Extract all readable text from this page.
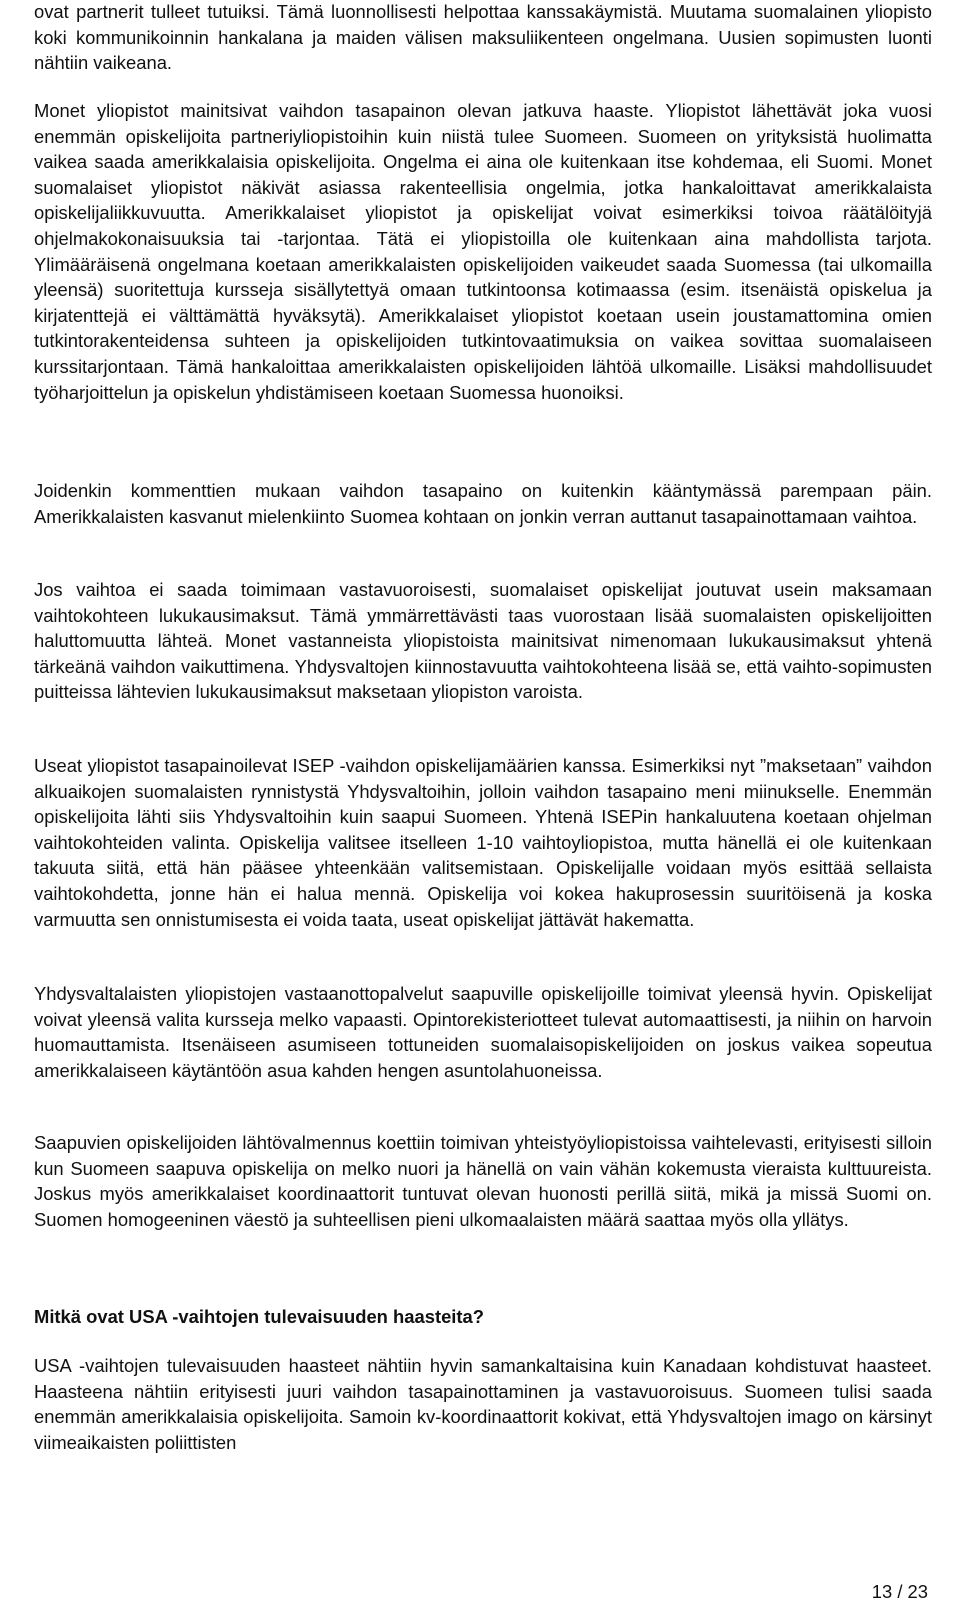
ovat partnerit tulleet tutuiksi. Tämä luonnollisesti helpottaa kanssakäymistä. Muutama suomalainen yliopisto koki kommunikoinnin hankalana ja maiden välisen maksuliikenteen ongelmana. Uusien sopimusten luonti nähtiin vaikeana.

Monet yliopistot mainitsivat vaihdon tasapainon olevan jatkuva haaste. Yliopistot lähettävät joka vuosi enemmän opiskelijoita partneriyliopistoihin kuin niistä tulee Suomeen. Suomeen on yrityksistä huolimatta vaikea saada amerikkalaisia opiskelijoita. Ongelma ei aina ole kuitenkaan itse kohdemaa, eli Suomi. Monet suomalaiset yliopistot näkivät asiassa rakenteellisia ongelmia, jotka hankaloittavat amerikkalaista opiskelijaliikkuvuutta. Amerikkalaiset yliopistot ja opiskelijat voivat esimerkiksi toivoa räätälöityjä ohjelmakokonaisuuksia tai -tarjontaa. Tätä ei yliopistoilla ole kuitenkaan aina mahdollista tarjota. Ylimääräisenä ongelmana koetaan amerikkalaisten opiskelijoiden vaikeudet saada Suomessa (tai ulkomailla yleensä) suoritettuja kursseja sisällytettyä omaan tutkintoonsa kotimaassa (esim. itsenäistä opiskelua ja kirjatenttejä ei välttämättä hyväksytä). Amerikkalaiset yliopistot koetaan usein joustamattomina omien tutkintorakenteidensa suhteen ja opiskelijoiden tutkintovaatimuksia on vaikea sovittaa suomalaiseen kurssitarjontaan. Tämä hankaloittaa amerikkalaisten opiskelijoiden lähtöä ulkomaille. Lisäksi mahdollisuudet työharjoittelun ja opiskelun yhdistämiseen koetaan Suomessa huonoiksi.

Joidenkin kommenttien mukaan vaihdon tasapaino on kuitenkin kääntymässä parempaan päin. Amerikkalaisten kasvanut mielenkiinto Suomea kohtaan on jonkin verran auttanut tasapainottamaan vaihtoa.

Jos vaihtoa ei saada toimimaan vastavuoroisesti, suomalaiset opiskelijat joutuvat usein maksamaan vaihtokohteen lukukausimaksut. Tämä ymmärrettävästi taas vuorostaan lisää suomalaisten opiskelijoitten haluttomuutta lähteä. Monet vastanneista yliopistoista mainitsivat nimenomaan lukukausimaksut yhtenä tärkeänä vaihdon vaikuttimena. Yhdysvaltojen kiinnostavuutta vaihtokohteena lisää se, että vaihto-sopimusten puitteissa lähtevien lukukausimaksut maksetaan yliopiston varoista.

Useat yliopistot tasapainoilevat ISEP -vaihdon opiskelijamäärien kanssa. Esimerkiksi nyt ”maksetaan” vaihdon alkuaikojen suomalaisten rynnistystä Yhdysvaltoihin, jolloin vaihdon tasapaino meni miinukselle. Enemmän opiskelijoita lähti siis Yhdysvaltoihin kuin saapui Suomeen. Yhtenä ISEPin hankaluutena koetaan ohjelman vaihtokohteiden valinta. Opiskelija valitsee itselleen 1-10 vaihtoyliopistoa, mutta hänellä ei ole kuitenkaan takuuta siitä, että hän pääsee yhteenkään valitsemistaan. Opiskelijalle voidaan myös esittää sellaista vaihtokohdetta, jonne hän ei halua mennä. Opiskelija voi kokea hakuprosessin suuritöisenä ja koska varmuutta sen onnistumisesta ei voida taata, useat opiskelijat jättävät hakematta.

Yhdysvaltalaisten yliopistojen vastaanottopalvelut saapuville opiskelijoille toimivat yleensä hyvin. Opiskelijat voivat yleensä valita kursseja melko vapaasti. Opintorekisteriotteet tulevat automaattisesti, ja niihin on harvoin huomauttamista. Itsenäiseen asumiseen tottuneiden suomalaisopiskelijoiden on joskus vaikea sopeutua amerikkalaiseen käytäntöön asua kahden hengen asuntolahuoneissa.

Saapuvien opiskelijoiden lähtövalmennus koettiin toimivan yhteistyöyliopistoissa vaihtelevasti, erityisesti silloin kun Suomeen saapuva opiskelija on melko nuori ja hänellä on vain vähän kokemusta vieraista kulttuureista. Joskus myös amerikkalaiset koordinaattorit tuntuvat olevan huonosti perillä siitä, mikä ja missä Suomi on. Suomen homogeeninen väestö ja suhteellisen pieni ulkomaalaisten määrä saattaa myös olla yllätys.

Mitkä ovat USA -vaihtojen tulevaisuuden haasteita?

USA -vaihtojen tulevaisuuden haasteet nähtiin hyvin samankaltaisina kuin Kanadaan kohdistuvat haasteet. Haasteena nähtiin erityisesti juuri vaihdon tasapainottaminen ja vastavuoroisuus. Suomeen tulisi saada enemmän amerikkalaisia opiskelijoita. Samoin kv-koordinaattorit kokivat, että Yhdysvaltojen imago on kärsinyt viimeaikaisten poliittisten

13 / 23
